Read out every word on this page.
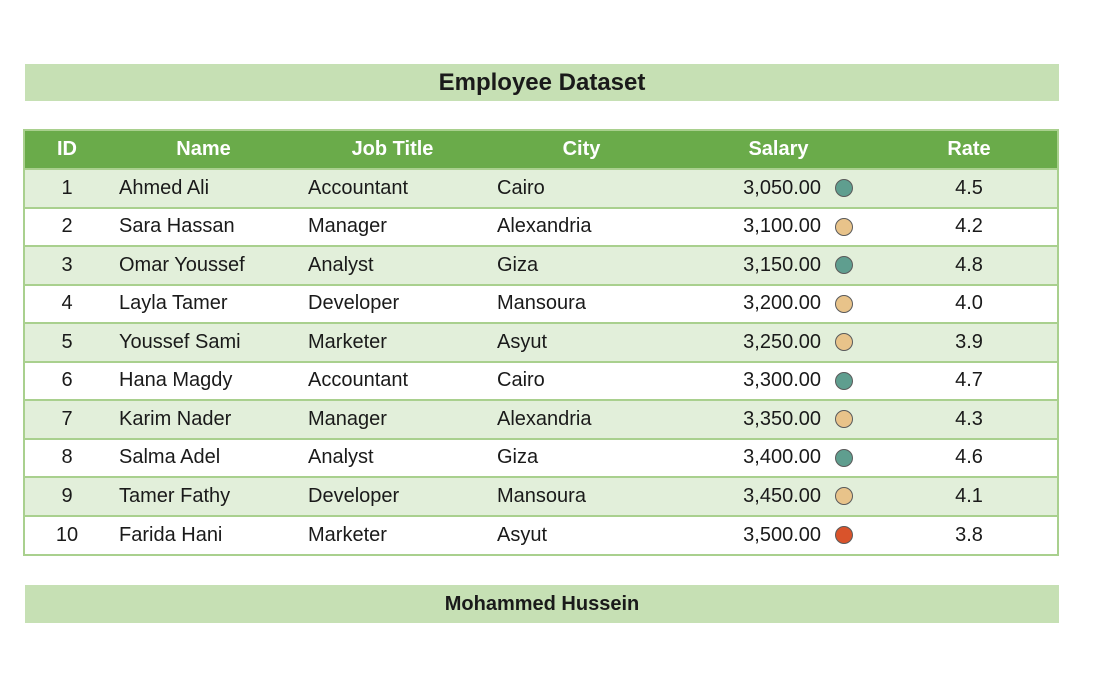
Employee Dataset
ID	Name	Job Title	City	Salary		Rate
1	Ahmed Ali	Accountant	Cairo	3,050.00		4.5
2	Sara Hassan	Manager	Alexandria	3,100.00		4.2
3	Omar Youssef	Analyst	Giza	3,150.00		4.8
4	Layla Tamer	Developer	Mansoura	3,200.00		4.0
5	Youssef Sami	Marketer	Asyut	3,250.00		3.9
6	Hana Magdy	Accountant	Cairo	3,300.00		4.7
7	Karim Nader	Manager	Alexandria	3,350.00		4.3
8	Salma Adel	Analyst	Giza	3,400.00		4.6
9	Tamer Fathy	Developer	Mansoura	3,450.00		4.1
10	Farida Hani	Marketer	Asyut	3,500.00		3.8
Mohammed Hussein
